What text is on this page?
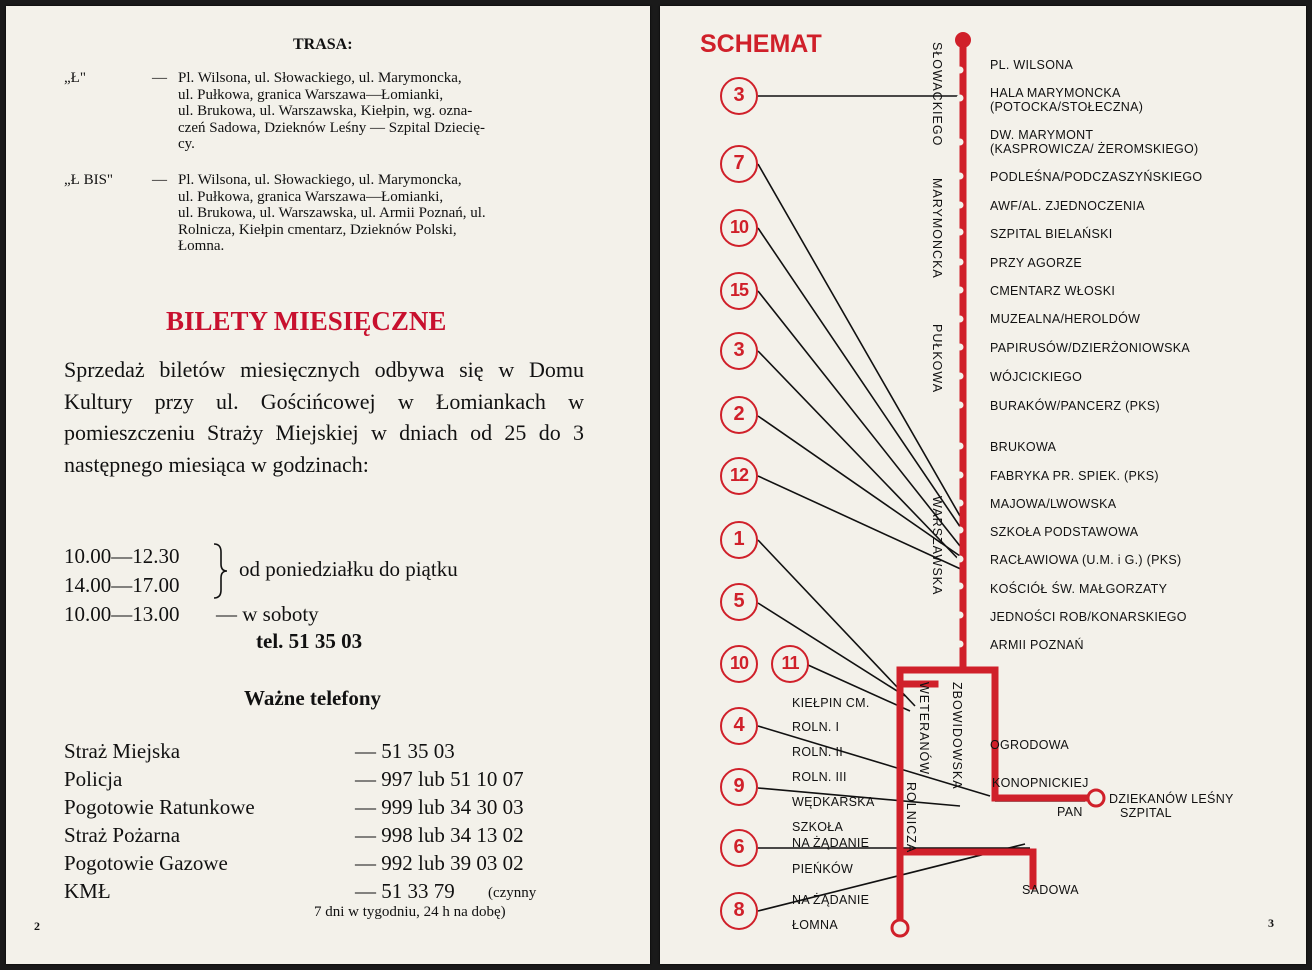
TRASA:
„Ł"	— Pl. Wilsona, ul. Słowackiego, ul. Marymoncka,
ul. Pułkowa, granica Warszawa—Łomianki,
ul. Brukowa, ul. Warszawska, Kiełpin, wg. ozna-
czeń Sadowa, Dzieknów Leśny — Szpital Dziecię-
cy.
„Ł BIS"	— Pl. Wilsona, ul. Słowackiego, ul. Marymoncka,
ul. Pułkowa, granica Warszawa—Łomianki,
ul. Brukowa, ul. Warszawska, ul. Armii Poznań, ul.
Rolnicza, Kiełpin cmentarz, Dzieknów Polski,
Łomna.
BILETY MIESIĘCZNE
Sprzedaż biletów miesięcznych odbywa się w Domu Kultury przy ul. Gościńcowej w Łomiankach w pomieszczeniu Straży Miejskiej w dniach od 25 do 3 następnego miesiąca w godzinach:
10.00—12.30
14.00—17.00
10.00—13.00 — w soboty
od poniedziałku do piątku
tel. 51 35 03
Ważne telefony
Straż Miejska	— 51 35 03
Policja	— 997 lub 51 10 07
Pogotowie Ratunkowe	— 999 lub 34 30 03
Straż Pożarna	— 998 lub 34 13 02
Pogotowie Gazowe	— 992 lub 39 03 02
KMŁ	— 51 33 79 (czynny
7 dni w tygodniu, 24 h na dobę)
2
SCHEMAT	SŁOWACKIEGO
MARYMONCKA
PUŁKOWA
WARSZAWSKA
ZBOWIDOWSKA
WETERANÓW
ROLNICZA
PL. WILSONA
HALA MARYMONCKA
(POTOCKA/STOŁECZNA)
DW. MARYMONT
(KASPROWICZA/ ŻEROMSKIEGO)
PODLEŚNA/PODCZASZYŃSKIEGO
AWF/AL. ZJEDNOCZENIA
SZPITAL BIELAŃSKI
PRZY AGORZE
CMENTARZ WŁOSKI
MUZEALNA/HEROLDÓW
PAPIRUSÓW/DZIERŻONIOWSKA
WÓJCICKIEGO
BURAKÓW/PANCERZ (PKS)
BRUKOWA
FABRYKA PR. SPIEK. (PKS)
MAJOWA/LWOWSKA
SZKOŁA PODSTAWOWA
RACŁAWIOWA (U.M. i G.) (PKS)
KOŚCIÓŁ ŚW. MAŁGORZATY
JEDNOŚCI ROB/KONARSKIEGO
ARMII POZNAŃ
KIEŁPIN CM.
ROLN. I
ROLN. II
ROLN. III
WĘDKARSKA
SZKOŁA
NA ŻĄDANIE
PIEŃKÓW
NA ŻĄDANIE
ŁOMNA
OGRODOWA
KONOPNICKIEJ
PAN
DZIEKANÓW LEŚNY
SZPITAL
SADOWA
3
7
10
15
3
2
12
1
5
10	11
4
9
6
8
3
